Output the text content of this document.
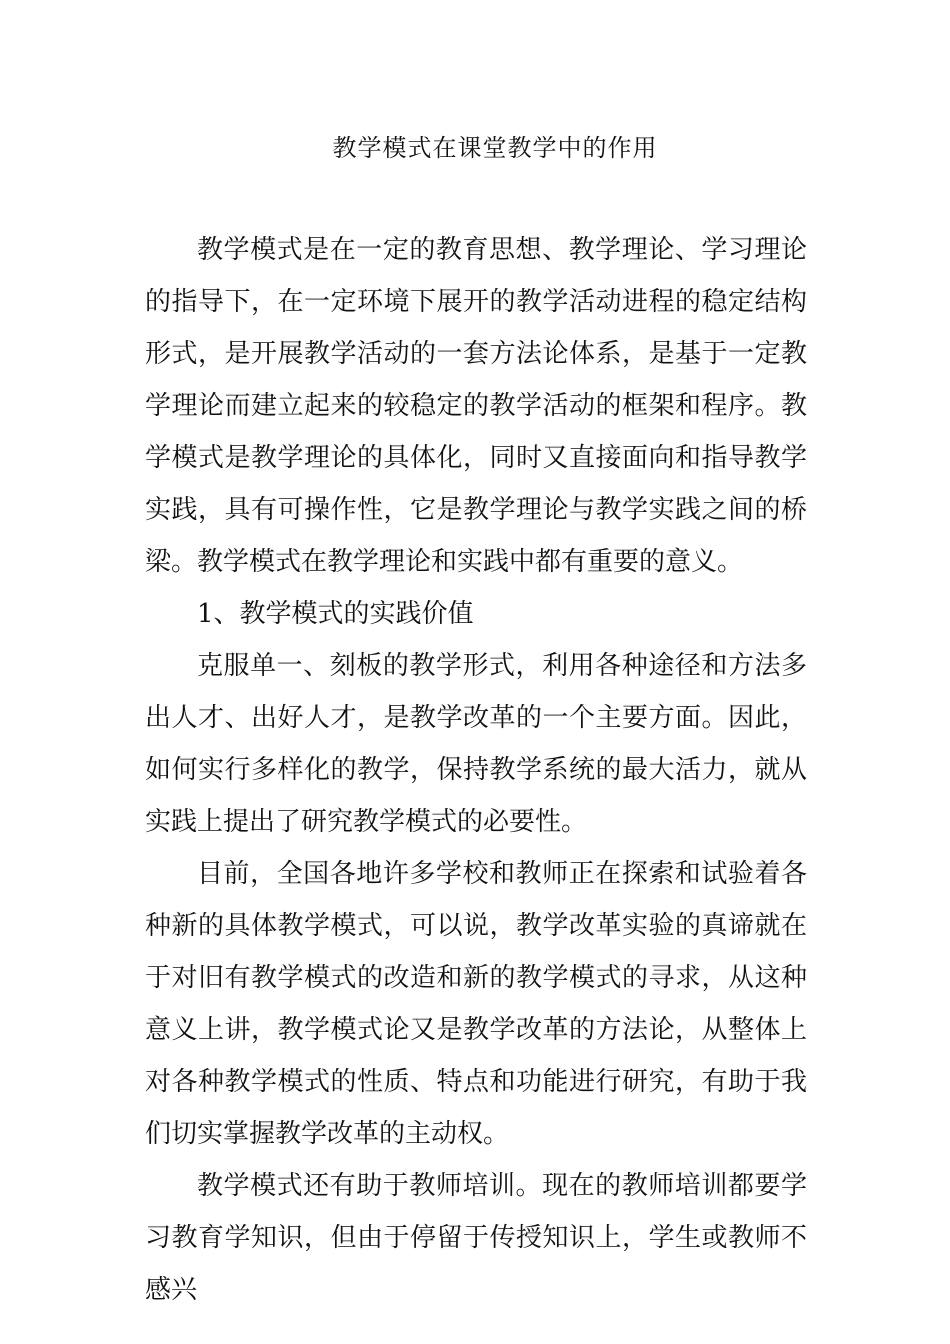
教学模式在课堂教学中的作用

教学模式是在一定的教育思想、教学理论、学习理论的指导下，在一定环境下展开的教学活动进程的稳定结构形式，是开展教学活动的一套方法论体系，是基于一定教学理论而建立起来的较稳定的教学活动的框架和程序。教学模式是教学理论的具体化，同时又直接面向和指导教学实践，具有可操作性，它是教学理论与教学实践之间的桥梁。教学模式在教学理论和实践中都有重要的意义。

1、教学模式的实践价值

克服单一、刻板的教学形式，利用各种途径和方法多出人才、出好人才，是教学改革的一个主要方面。因此，如何实行多样化的教学，保持教学系统的最大活力，就从实践上提出了研究教学模式的必要性。

目前，全国各地许多学校和教师正在探索和试验着各种新的具体教学模式，可以说，教学改革实验的真谛就在于对旧有教学模式的改造和新的教学模式的寻求，从这种意义上讲，教学模式论又是教学改革的方法论，从整体上对各种教学模式的性质、特点和功能进行研究，有助于我们切实掌握教学改革的主动权。

教学模式还有助于教师培训。现在的教师培训都要学习教育学知识，但由于停留于传授知识上，学生或教师不感兴
